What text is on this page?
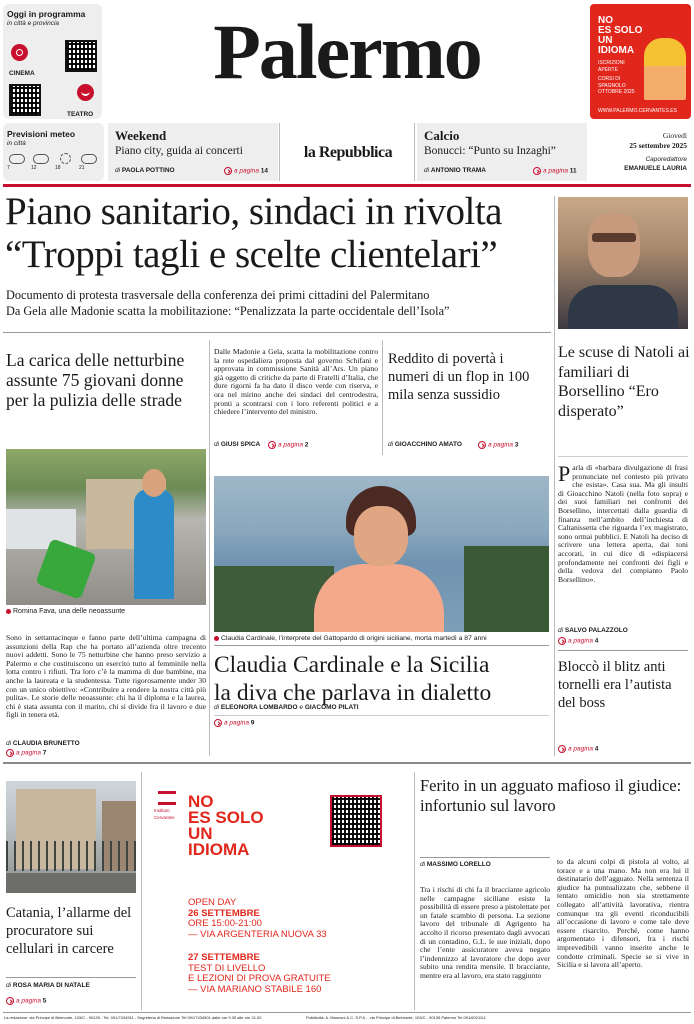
Oggi in programma
in città e provincia
CINEMA
TEATRO
Palermo	NO
ES SOLO
UN
IDIOMA
ISCRIZIONI APERTE
CORSI DI SPAGNOLO OTTOBRE 2025
WWW.PALERMO.CERVANTES.ES
Previsioni meteo
in città
7	12	18	21
Weekend
Piano city, guida ai concerti
di PAOLA POTTINO	a pagina 14
la Repubblica
Calcio
Bonucci: “Punto su Inzaghi”
di ANTONIO TRAMA	a pagina 11
Giovedì
25 settembre 2025
Caporedattore
EMANUELE LAURIA
Piano sanitario, sindaci in rivolta
“Troppi tagli e scelte clientelari”
Documento di protesta trasversale della conferenza dei primi cittadini del Palermitano
Da Gela alle Madonie scatta la mobilitazione: “Penalizzata la parte occidentale dell’Isola”
La carica delle netturbine assunte 75 giovani donne per la pulizia delle strade
Romina Fava, una delle neoassunte
Sono in settantacinque e fanno parte dell’ultima campagna di assunzioni della Rap che ha portato all’azienda oltre trecento nuovi addetti. Sono le 75 netturbine che hanno preso servizio a Palermo e che costituiscono un esercito tutto al femminile nella lotta contro i rifiuti. Tra loro c’è la mamma di due bambine, ma anche la laureata e la studentessa. Tutte rigorosamente under 30 con un unico obiettivo: «Contribuire a rendere la nostra città più pulita». Le storie delle neoassunte: chi ha il diploma e la laurea, chi è stata assunta con il marito, chi si divide fra il lavoro e due figli in tenera età.
di CLAUDIA BRUNETTO
a pagina 7
Dalle Madonie a Gela, scatta la mobilitazione contro la rete ospedaliera proposta dal governo Schifani e approvata in commissione Sanità all’Ars. Un piano già oggetto di critiche da parte di Fratelli d’Italia, che dure rigorni fa ha dato il disco verde con riserva, e ora nel mirino anche dei sindaci del centrodestra, pronti a scontrarsi con i loro referenti politici e a chiedere l’intervento del ministro.
di GIUSI SPICA	a pagina 2
Reddito di povertà i numeri di un flop in 100 mila senza sussidio
di GIOACCHINO AMATO	a pagina 3
Claudia Cardinale, l’interprete del Gattopardo di origini siciliane, morta martedì a 87 anni
Claudia Cardinale e la Sicilia
la diva che parlava in dialetto
di ELEONORA LOMBARDO e GIACOMO PILATI
a pagina 9
Le scuse di Natoli ai familiari di Borsellino “Ero disperato”
Parla di «barbara divulgazione di frasi pronunciate nel contesto più privato che esista». Casa sua. Ma gli insulti di Gioacchino Natoli (nella foto sopra) e dei suoi familiari nei confronti dei Borsellino, intercettati dalla guardia di finanza nell’ambito dell’inchiesta di Caltanissetta che riguarda l’ex magistrato, sono ormai pubblici. E Natoli ha deciso di scrivere una lettera aperta, dai toni accorati, in cui dice di «dispiacersi profondamente nei confronti dei figli e della vedova del compianto Paolo Borsellino».
di SALVO PALAZZOLO
a pagina 4
Bloccò il blitz anti tornelli era l’autista del boss
a pagina 4
Catania, l’allarme del procuratore sui cellulari in carcere
di ROSA MARIA DI NATALE
a pagina 5
Instituto Cervantes
NO
ES SOLO
UN
IDIOMA
OPEN DAY
26 SETTEMBRE
ORE 15:00-21:00
— VIA ARGENTERIA NUOVA 33
27 SETTEMBRE
TEST DI LIVELLO
E LEZIONI DI PROVA GRATUITE
— VIA MARIANO STABILE 160
Ferito in un agguato mafioso il giudice: infortunio sul lavoro
di MASSIMO LORELLO
Tra i rischi di chi fa il bracciante agricolo nelle campagne siciliane esiste la possibilità di essere preso a pistolettate per un fatale scambio di persona. La sezione lavoro del tribunale di Agrigento ha accolto il ricorso presentato dagli avvocati di un contadino, G.L. le sue iniziali, dopo che l’ente assicuratore aveva negato l’indennizzo al lavoratore che dopo aver subito una rendita mensile. Il bracciante, mentre era al lavoro, era stato raggiunto
to da alcuni colpi di pistola al volto, al torace e a una mano. Ma non era lui il destinatario dell’agguato. Nella sentenza il giudice ha puntualizzato che, sebbene il tentato omicidio non sia strettamente collegato all’attività lavorativa, rientra comunque tra gli eventi riconducibili all’occasione di lavoro e come tale deve essere risarcito. Perché, come hanno argomentato i difensori, fra i rischi imprevedibili vanno inserite anche le condotte criminali. Specie se si vive in Sicilia e si lavora all’aperto.
La redazione: via Principe di Belmonte, 103/C - 90139 - Tel. 091/7434911 - Segreteria di Redazione Tel 091/7434901 dalle ore 9.30 alle ore 21.00	Pubblicità: A. Manzoni & C. S.P.A. - via Principe di Belmonte, 103/C - 90139 Palermo Tel 091/6021111
